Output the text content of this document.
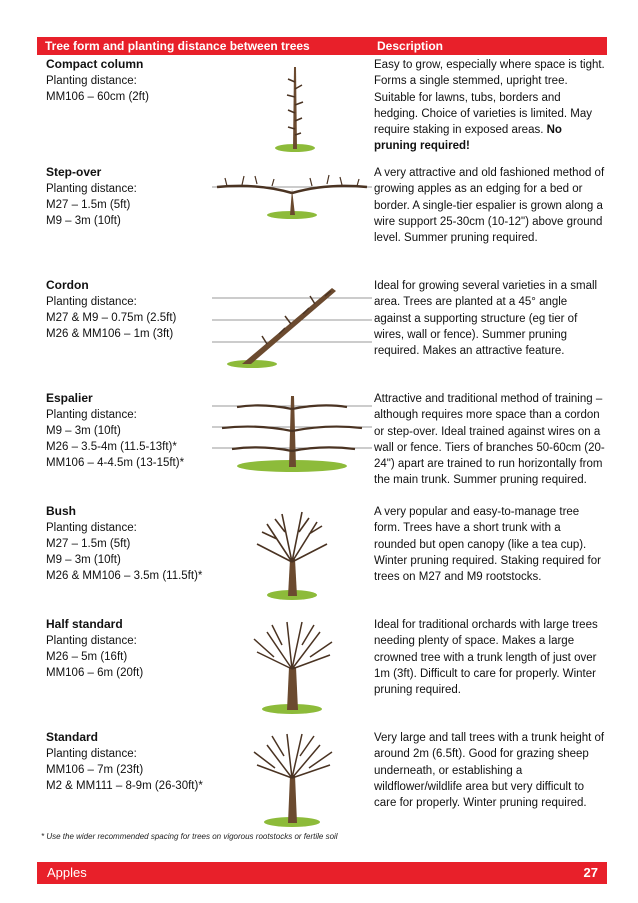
Tree form and planting distance between trees	Description
Compact column
Planting distance:
MM106 – 60cm (2ft)
Easy to grow, especially where space is tight. Forms a single stemmed, upright tree. Suitable for lawns, tubs, borders and hedging. Choice of varieties is limited. May require staking in exposed areas. No pruning required!
Step-over
Planting distance:
M27 – 1.5m (5ft)
M9 – 3m (10ft)
A very attractive and old fashioned method of growing apples as an edging for a bed or border. A single-tier espalier is grown along a wire support 25-30cm (10-12") above ground level. Summer pruning required.
Cordon
Planting distance:
M27 & M9 – 0.75m (2.5ft)
M26 & MM106 – 1m (3ft)
Ideal for growing several varieties in a small area. Trees are planted at a 45° angle against a supporting structure (eg tier of wires, wall or fence). Summer pruning required. Makes an attractive feature.
Espalier
Planting distance:
M9 – 3m (10ft)
M26 – 3.5-4m (11.5-13ft)*
MM106 – 4-4.5m (13-15ft)*
Attractive and traditional method of training – although requires more space than a cordon or step-over. Ideal trained against wires on a wall or fence. Tiers of branches 50-60cm (20-24") apart are trained to run horizontally from the main trunk. Summer pruning required.
Bush
Planting distance:
M27 – 1.5m (5ft)
M9 – 3m (10ft)
M26 & MM106 – 3.5m (11.5ft)*
A very popular and easy-to-manage tree form. Trees have a short trunk with a rounded but open canopy (like a tea cup). Winter pruning required. Staking required for trees on M27 and M9 rootstocks.
Half standard
Planting distance:
M26 – 5m (16ft)
MM106 – 6m (20ft)
Ideal for traditional orchards with large trees needing plenty of space. Makes a large crowned tree with a trunk length of just over 1m (3ft). Difficult to care for properly. Winter pruning required.
Standard
Planting distance:
MM106 – 7m (23ft)
M2 & MM111 – 8-9m (26-30ft)*
Very large and tall trees with a trunk height of around 2m (6.5ft). Good for grazing sheep underneath, or establishing a wildflower/wildlife area but very difficult to care for properly. Winter pruning required.
* Use the wider recommended spacing for trees on vigorous rootstocks or fertile soil
Apples	27
